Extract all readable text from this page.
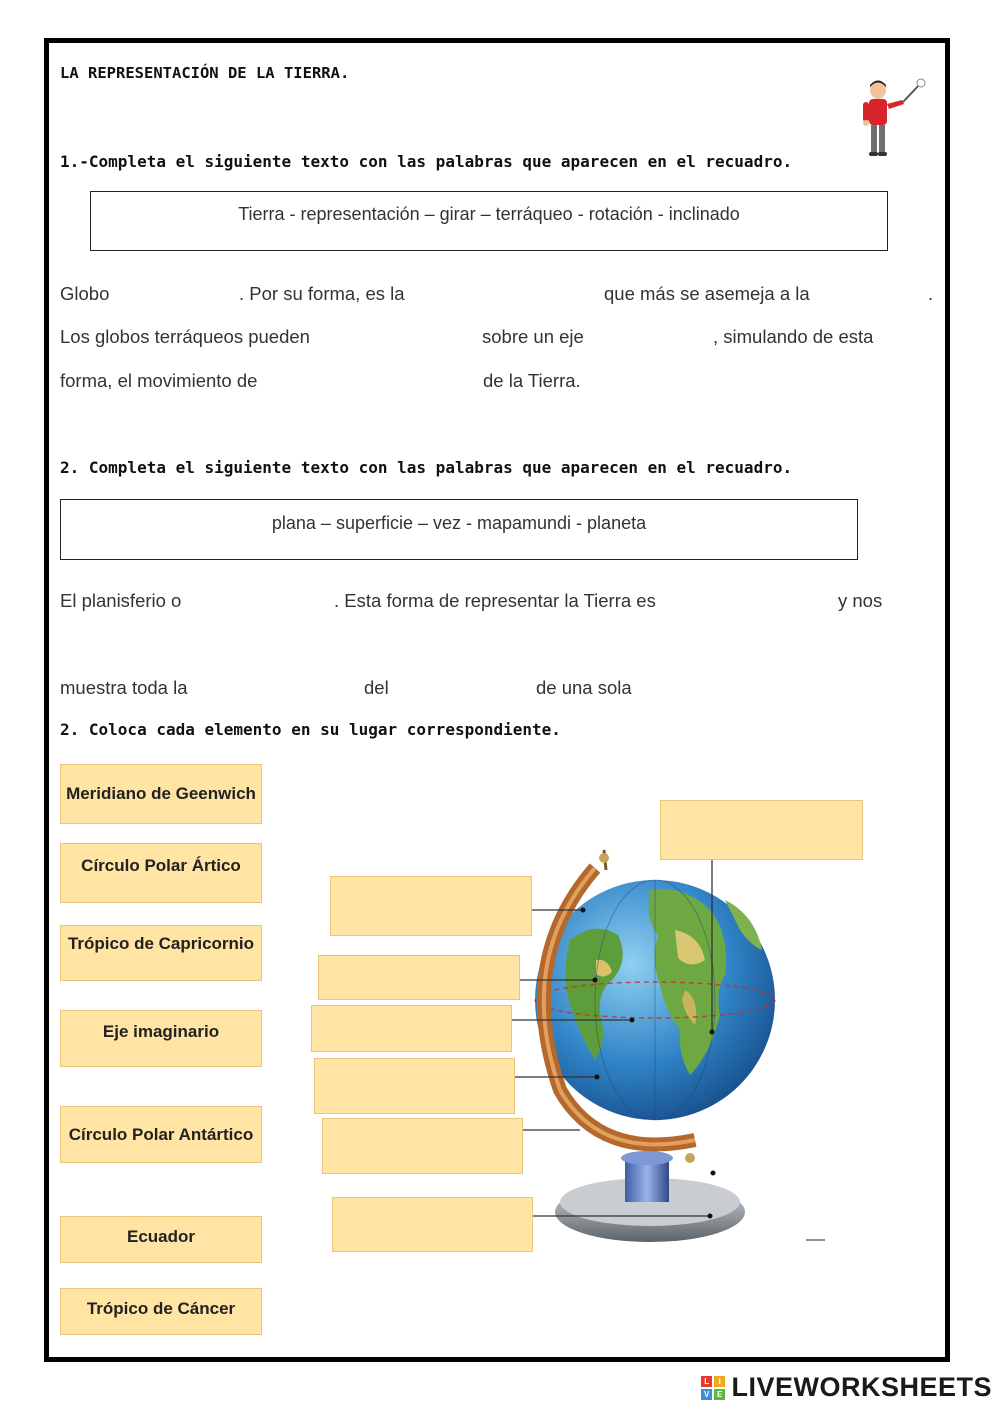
LA REPRESENTACIÓN DE LA TIERRA.
1.-Completa el siguiente texto con las palabras que aparecen en el recuadro.
Tierra - representación – girar – terráqueo - rotación - inclinado
Globo	. Por su forma, es la	que más se asemeja a la	.
Los globos terráqueos pueden	sobre un eje	, simulando de esta
forma, el movimiento de	de la Tierra.
2. Completa el siguiente texto con las palabras que aparecen en el recuadro.
plana – superficie – vez - mapamundi - planeta
El planisferio o	. Esta forma de representar la Tierra es	y nos
muestra toda la	del	de una sola
2. Coloca cada elemento en su lugar correspondiente.
Meridiano de Geenwich
Círculo Polar Ártico
Trópico de Capricornio
Eje imaginario
Círculo Polar Antártico
Ecuador
Trópico de Cáncer
L	I
V E LIVEWORKSHEETS
